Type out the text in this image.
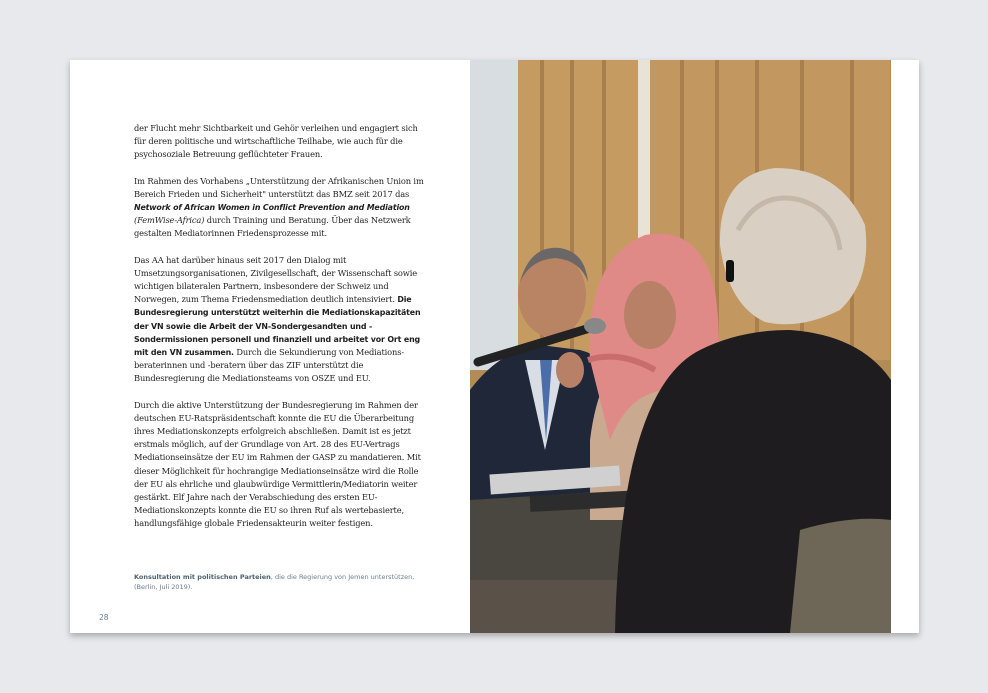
der Flucht mehr Sichtbarkeit und Gehör verleihen und engagiert sich für deren politische und wirtschaftliche Teilhabe, wie auch für die psychosoziale Betreuung geflüchteter Frauen.

Im Rahmen des Vorhabens „Unterstützung der Afrikanischen Union im Bereich Frieden und Sicherheit" unterstützt das BMZ seit 2017 das Network of African Women in Conflict Prevention and Mediation (FemWise-Africa) durch Training und Beratung. Über das Netzwerk gestalten Mediatorinnen Friedensprozesse mit.

Das AA hat darüber hinaus seit 2017 den Dialog mit Umsetzungsorganisationen, Zivilgesellschaft, der Wissenschaft sowie wichtigen bilateralen Partnern, insbesondere der Schweiz und Norwegen, zum Thema Friedensmediation deutlich intensiviert. Die Bundesregierung unterstützt weiterhin die Mediationskapazitäten der VN sowie die Arbeit der VN-Sondergesandten und -Sondermissionen personell und finanziell und arbeitet vor Ort eng mit den VN zusammen. Durch die Sekundierung von Mediationsberaterinnen und -beratern über das ZIF unterstützt die Bundesregierung die Mediationsteams von OSZE und EU.

Durch die aktive Unterstützung der Bundesregierung im Rahmen der deutschen EU-Ratspräsidentschaft konnte die EU die Überarbeitung ihres Mediationskonzepts erfolgreich abschließen. Damit ist es jetzt erstmals möglich, auf der Grundlage von Art. 28 des EU-Vertrags Mediationseinsätze der EU im Rahmen der GASP zu mandatieren. Mit dieser Möglichkeit für hochrangige Mediationseinsätze wird die Rolle der EU als ehrliche und glaubwürdige Vermittlerin/Mediatorin weiter gestärkt. Elf Jahre nach der Verabschiedung des ersten EU-Mediationskonzepts konnte die EU so ihren Ruf als wertebasierte, handlungsfähige globale Friedensakteurin weiter festigen.

Konsultation mit politischen Parteien, die die Regierung von Jemen unterstützen,
(Berlin, Juli 2019).
28
